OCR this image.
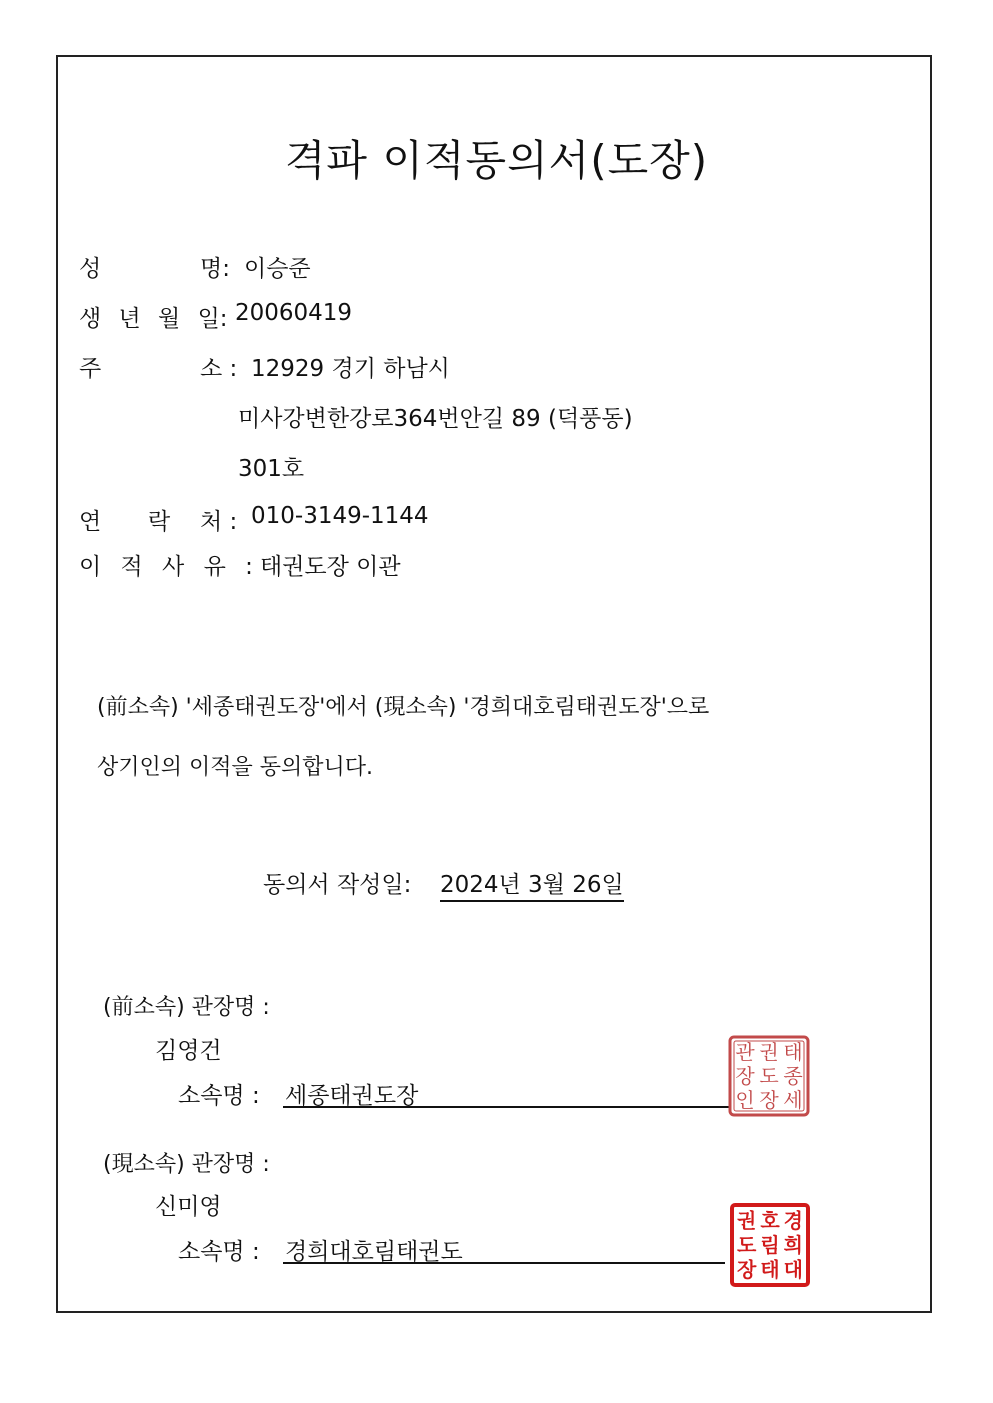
격파 이적동의서(도장)
성	명: 이승준
생 년 월 일: 20060419
주	소 : 12929 경기 하남시
미사강변한강로364번안길 89 (덕풍동)
301호
연 락 처 : 010-3149-1144
이 적 사 유 : 태권도장 이관
(前소속) '세종태권도장'에서 (現소속) '경희대호림태권도장'으로
상기인의 이적을 동의합니다.
동의서 작성일: 2024년 3월 26일
(前소속) 관장명 :
김영건
소속명 : 세종태권도장
태
종
세
권
도
장
관
장
인
(現소속) 관장명 :
신미영
소속명 : 경희대호림태권도
경
희
대
호
림
태
권
도
장
